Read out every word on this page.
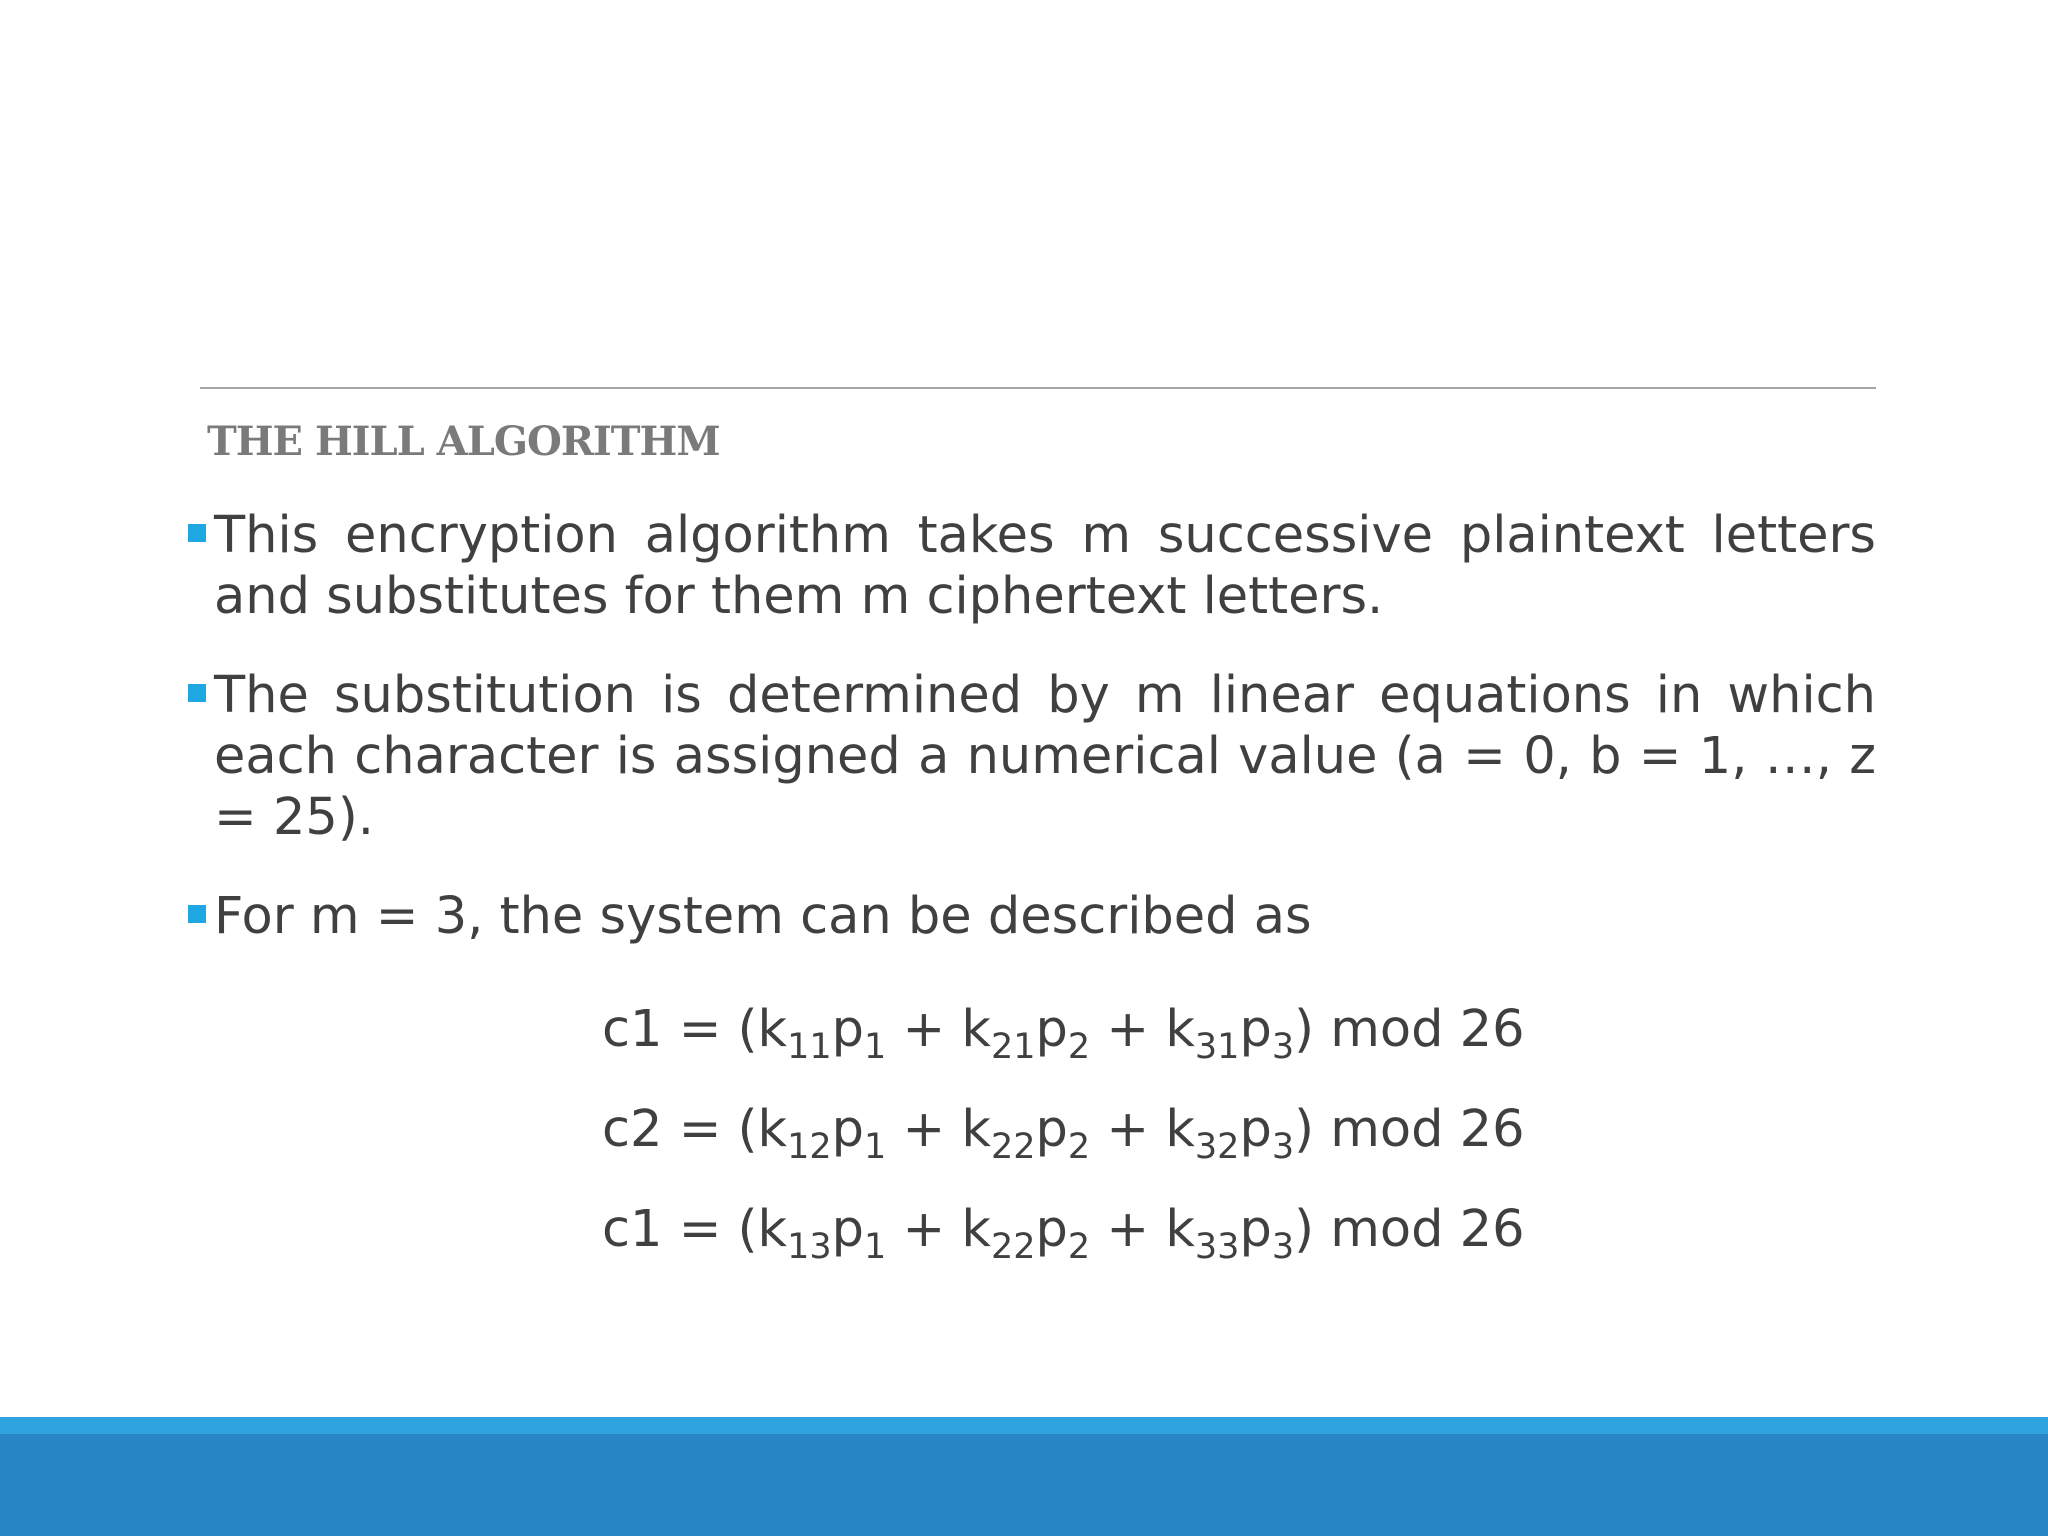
THE HILL ALGORITHM
This encryption algorithm takes m successive plaintext letters and substitutes for them m ciphertext letters.
The substitution is determined by m linear equations in which each character is assigned a numerical value (a = 0, b = 1, …, z = 25).
For m = 3, the system can be described as
$c1 = (k_{11}p_1 + k_{21}p_2 + k_{31}p_3)$ mod 26
$c2 = (k_{12}p_1 + k_{22}p_2 + k_{32}p_3)$ mod 26
$c1 = (k_{13}p_1 + k_{22}p_2 + k_{33}p_3)$ mod 26
